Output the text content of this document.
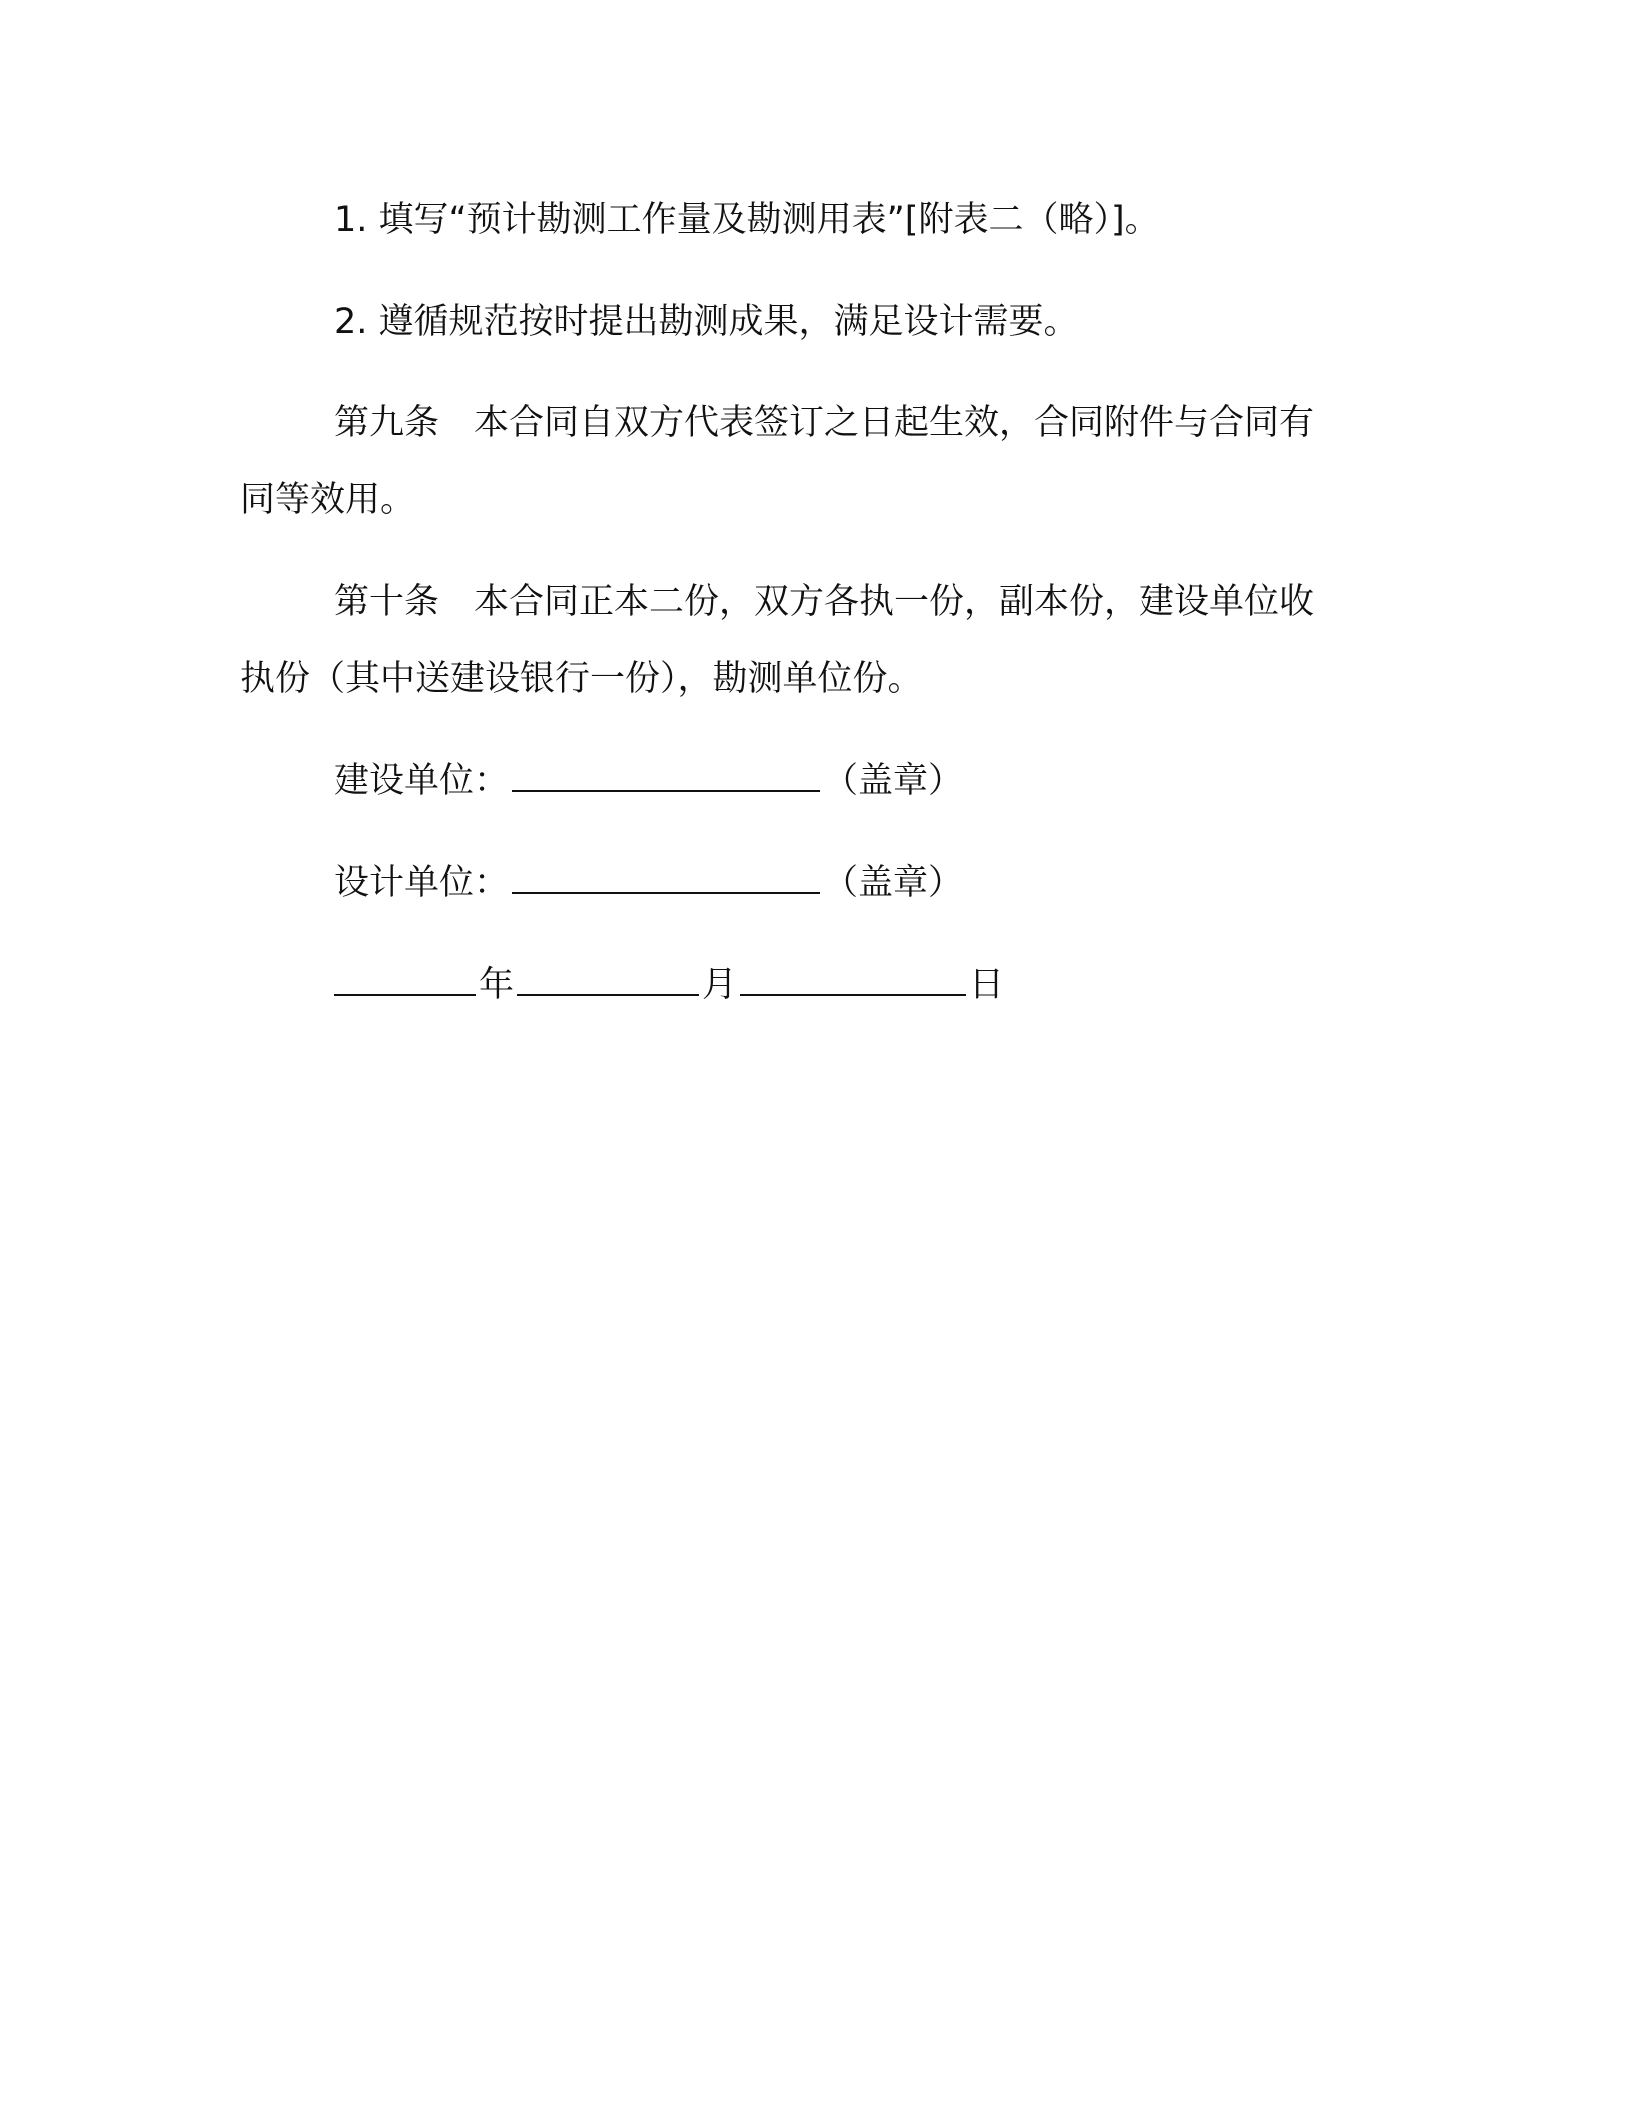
1. 填写“预计勘测工作量及勘测用表”[附表二（略）]。
2. 遵循规范按时提出勘测成果，满足设计需要。
第九条　本合同自双方代表签订之日起生效，合同附件与合同有
同等效用。
第十条　本合同正本二份，双方各执一份，副本份，建设单位收
执份（其中送建设银行一份），勘测单位份。
建设单位：	（盖章）
设计单位：	（盖章）
年	月	日
